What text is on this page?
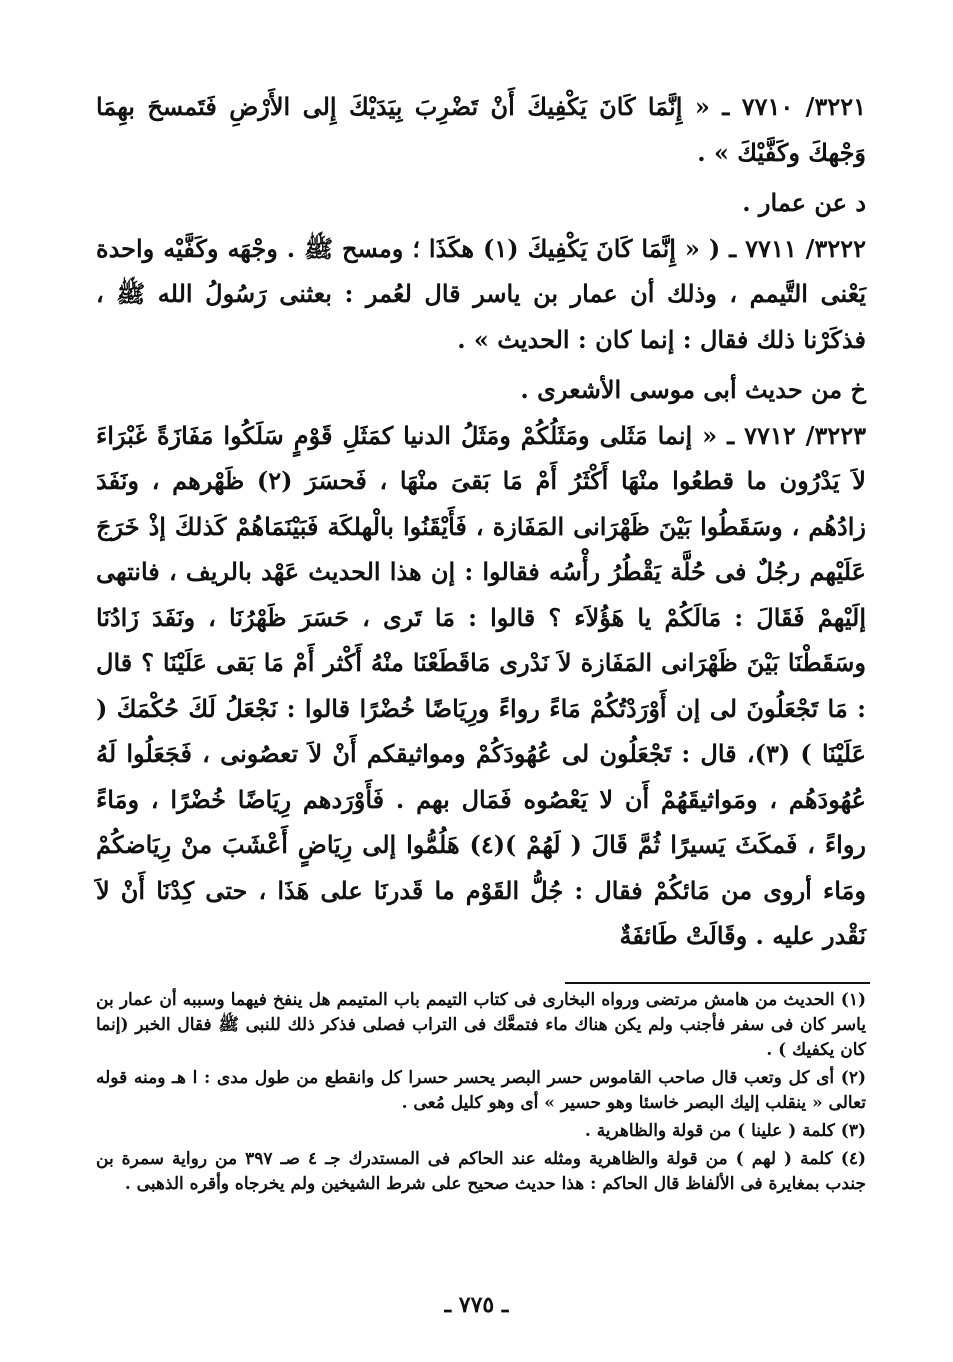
٣٢٢١/ ٧٧١٠ ـ « إِنَّمَا كَانَ يَكْفِيكَ أَنْ تَضْرِبَ بِيَدَيْكَ إِلى الأَرْضِ فَتَمسحَ بهِمَا وَجْهكَ وكَفَّيْكَ » .

د عن عمار .

٣٢٢٢/ ٧٧١١ ـ ( « إِنَّمَا كَانَ يَكْفِيكَ (١) هكَذَا ؛ ومسح ﷺ . وجْهَه وكَفَّيْه واحدة يَعْنى التَّيمم ، وذلك أن عمار بن ياسر قال لعُمر : بعثنى رَسُولُ الله ﷺ ، فذكَرْنا ذلك فقال : إنما كان : الحديث » .

خ من حديث أبى موسى الأشعرى .

٣٢٢٣/ ٧٧١٢ ـ « إنما مَثَلى ومَثَلُكُمْ ومَثَلُ الدنيا كمَثَلِ قَوْمٍ سَلَكُوا مَفَازَةً غَبْرَاءَ لاَ يَدْرُون ما قطعُوا منْهَا أَكْثَرُ أَمْ مَا بَقىَ منْهَا ، فَحسَرَ (٢) ظَهْرهم ، ونَفَدَ زادُهُم ، وسَقَطُوا بَيْنَ ظَهْرَانى المَفَازة ، فَأَيْقَنُوا بالْهلكَة فَبَيْنَمَاهُمْ كَذلكَ إذْ خَرَجَ عَلَيْهم رجُلٌ فى حُلَّة يَقْطُرُ رأْسُه فقالوا : إن هذا الحديث عَهْد بالريف ، فانتهى إلَيْهمْ فَقَالَ : مَالَكُمْ يا هَؤُلاَء ؟ قالوا : مَا تَرى ، حَسَرَ ظَهْرُنَا ، ونَفَدَ زَادُنَا وسَقَطْنَا بَيْنَ ظَهْرَانى المَفَازة لاَ نَدْرى مَاقَطَعْنَا منْهُ أَكْثر أَمْ مَا بَقى عَلَيْنَا ؟ قال : مَا تَجْعَلُونَ لى إن أَوْرَدْتُكُمْ مَاءً رواءً ورِيَاضًا خُضْرًا قالوا : نَجْعَلُ لَكَ حُكْمَكَ ( عَلَيْنَا ) (٣)، قال : تَجْعَلُون لى عُهُودَكُمْ ومواثيقكم أَنْ لاَ تعصُونى ، فَجَعَلُوا لَهُ عُهُودَهُم ، ومَواثيقَهُمْ أَن لا يَعْصُوه فَمَال بهم . فَأَوْرَدهم رِيَاضًا خُضْرًا ، ومَاءً رواءً ، فَمكَثَ يَسيرًا ثُمَّ قَالَ ( لَهُمْ )(٤) هَلُمُّوا إلى رِيَاضٍ أَعْشَبَ منْ رِيَاضكُمْ ومَاء أروى من مَائكُمْ فقال : جُلُّ القَوْم ما قَدرنَا على هَذَا ، حتى كِدْنَا أَنْ لاَ نَقْدر عليه . وقَالَتْ طَائفَةٌ

(١) الحديث من هامش مرتضى ورواه البخارى فى كتاب التيمم باب المتيمم هل ينفخ فيهما وسببه أن عمار بن ياسر كان فى سفر فأجنب ولم يكن هناك ماء فتمعَّك فى التراب فصلى فذكر ذلك للنبى ﷺ فقال الخبر (إنما كان يكفيك ) .

(٢) أى كل وتعب قال صاحب القاموس حسر البصر يحسر حسرا كل وانقطع من طول مدى : ا هـ ومنه قوله تعالى « ينقلب إليك البصر خاسئا وهو حسير » أى وهو كليل مُعى .

(٣) كلمة ( علينا ) من قولة والظاهرية .

(٤) كلمة ( لهم ) من قولة والظاهرية ومثله عند الحاكم فى المستدرك جـ ٤ صـ ٣٩٧ من رواية سمرة بن جندب بمغايرة فى الألفاظ قال الحاكم : هذا حديث صحيح على شرط الشيخين ولم يخرجاه وأقره الذهبى .

ـ ٧٧٥ ـ
